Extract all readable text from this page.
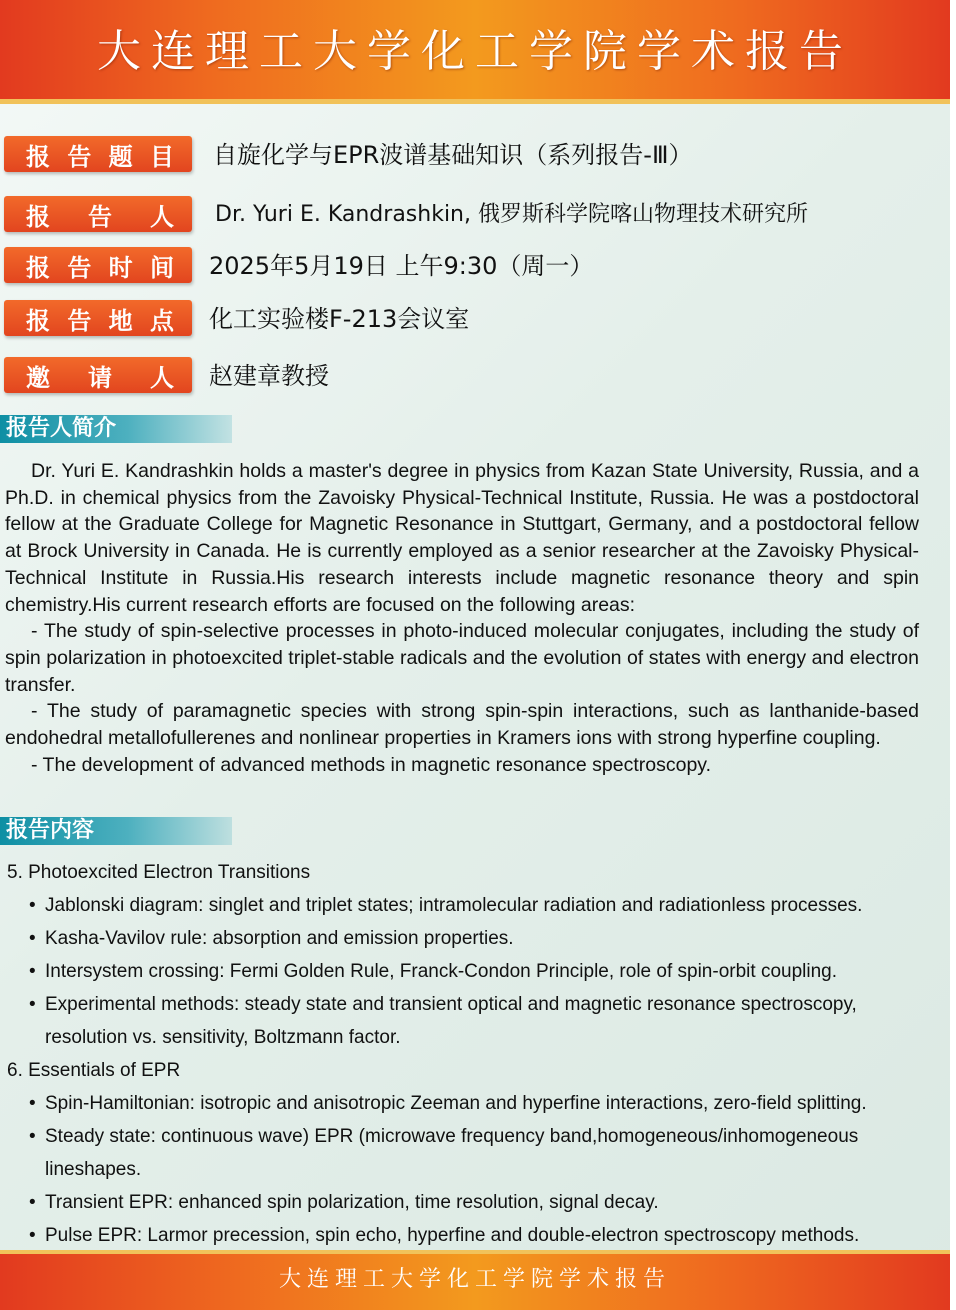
大连理工大学化工学院学术报告
报 告 题 目 自旋化学与EPR波谱基础知识（系列报告-Ⅲ）
报 告 人 Dr. Yuri E. Kandrashkin, 俄罗斯科学院喀山物理技术研究所
报 告 时 间 2025年5月19日 上午9:30（周一）
报 告 地 点 化工实验楼F-213会议室
邀 请 人 赵建章教授
报告人简介

Dr. Yuri E. Kandrashkin holds a master's degree in physics from Kazan State University, Russia, and a Ph.D. in chemical physics from the Zavoisky Physical-Technical Institute, Russia. He was a postdoctoral fellow at the Graduate College for Magnetic Resonance in Stuttgart, Germany, and a postdoctoral fellow at Brock University in Canada. He is currently employed as a senior researcher at the Zavoisky Physical-Technical Institute in Russia.His research interests include magnetic resonance theory and spin chemistry.His current research efforts are focused on the following areas:

- The study of spin-selective processes in photo-induced molecular conjugates, including the study of spin polarization in photoexcited triplet-stable radicals and the evolution of states with energy and electron transfer.

- The study of paramagnetic species with strong spin-spin interactions, such as lanthanide-based endohedral metallofullerenes and nonlinear properties in Kramers ions with strong hyperfine coupling.

- The development of advanced methods in magnetic resonance spectroscopy.

报告内容
5. Photoexcited Electron Transitions
• Jablonski diagram: singlet and triplet states; intramolecular radiation and radiationless processes.
• Kasha-Vavilov rule: absorption and emission properties.
• Intersystem crossing: Fermi Golden Rule, Franck-Condon Principle, role of spin-orbit coupling.
• Experimental methods: steady state and transient optical and magnetic resonance spectroscopy, resolution vs. sensitivity, Boltzmann factor.
6. Essentials of EPR
• Spin-Hamiltonian: isotropic and anisotropic Zeeman and hyperfine interactions, zero-field splitting.
• Steady state: continuous wave) EPR (microwave frequency band,homogeneous/inhomogeneous lineshapes.
• Transient EPR: enhanced spin polarization, time resolution, signal decay.
• Pulse EPR: Larmor precession, spin echo, hyperfine and double-electron spectroscopy methods.
大连理工大学化工学院学术报告
